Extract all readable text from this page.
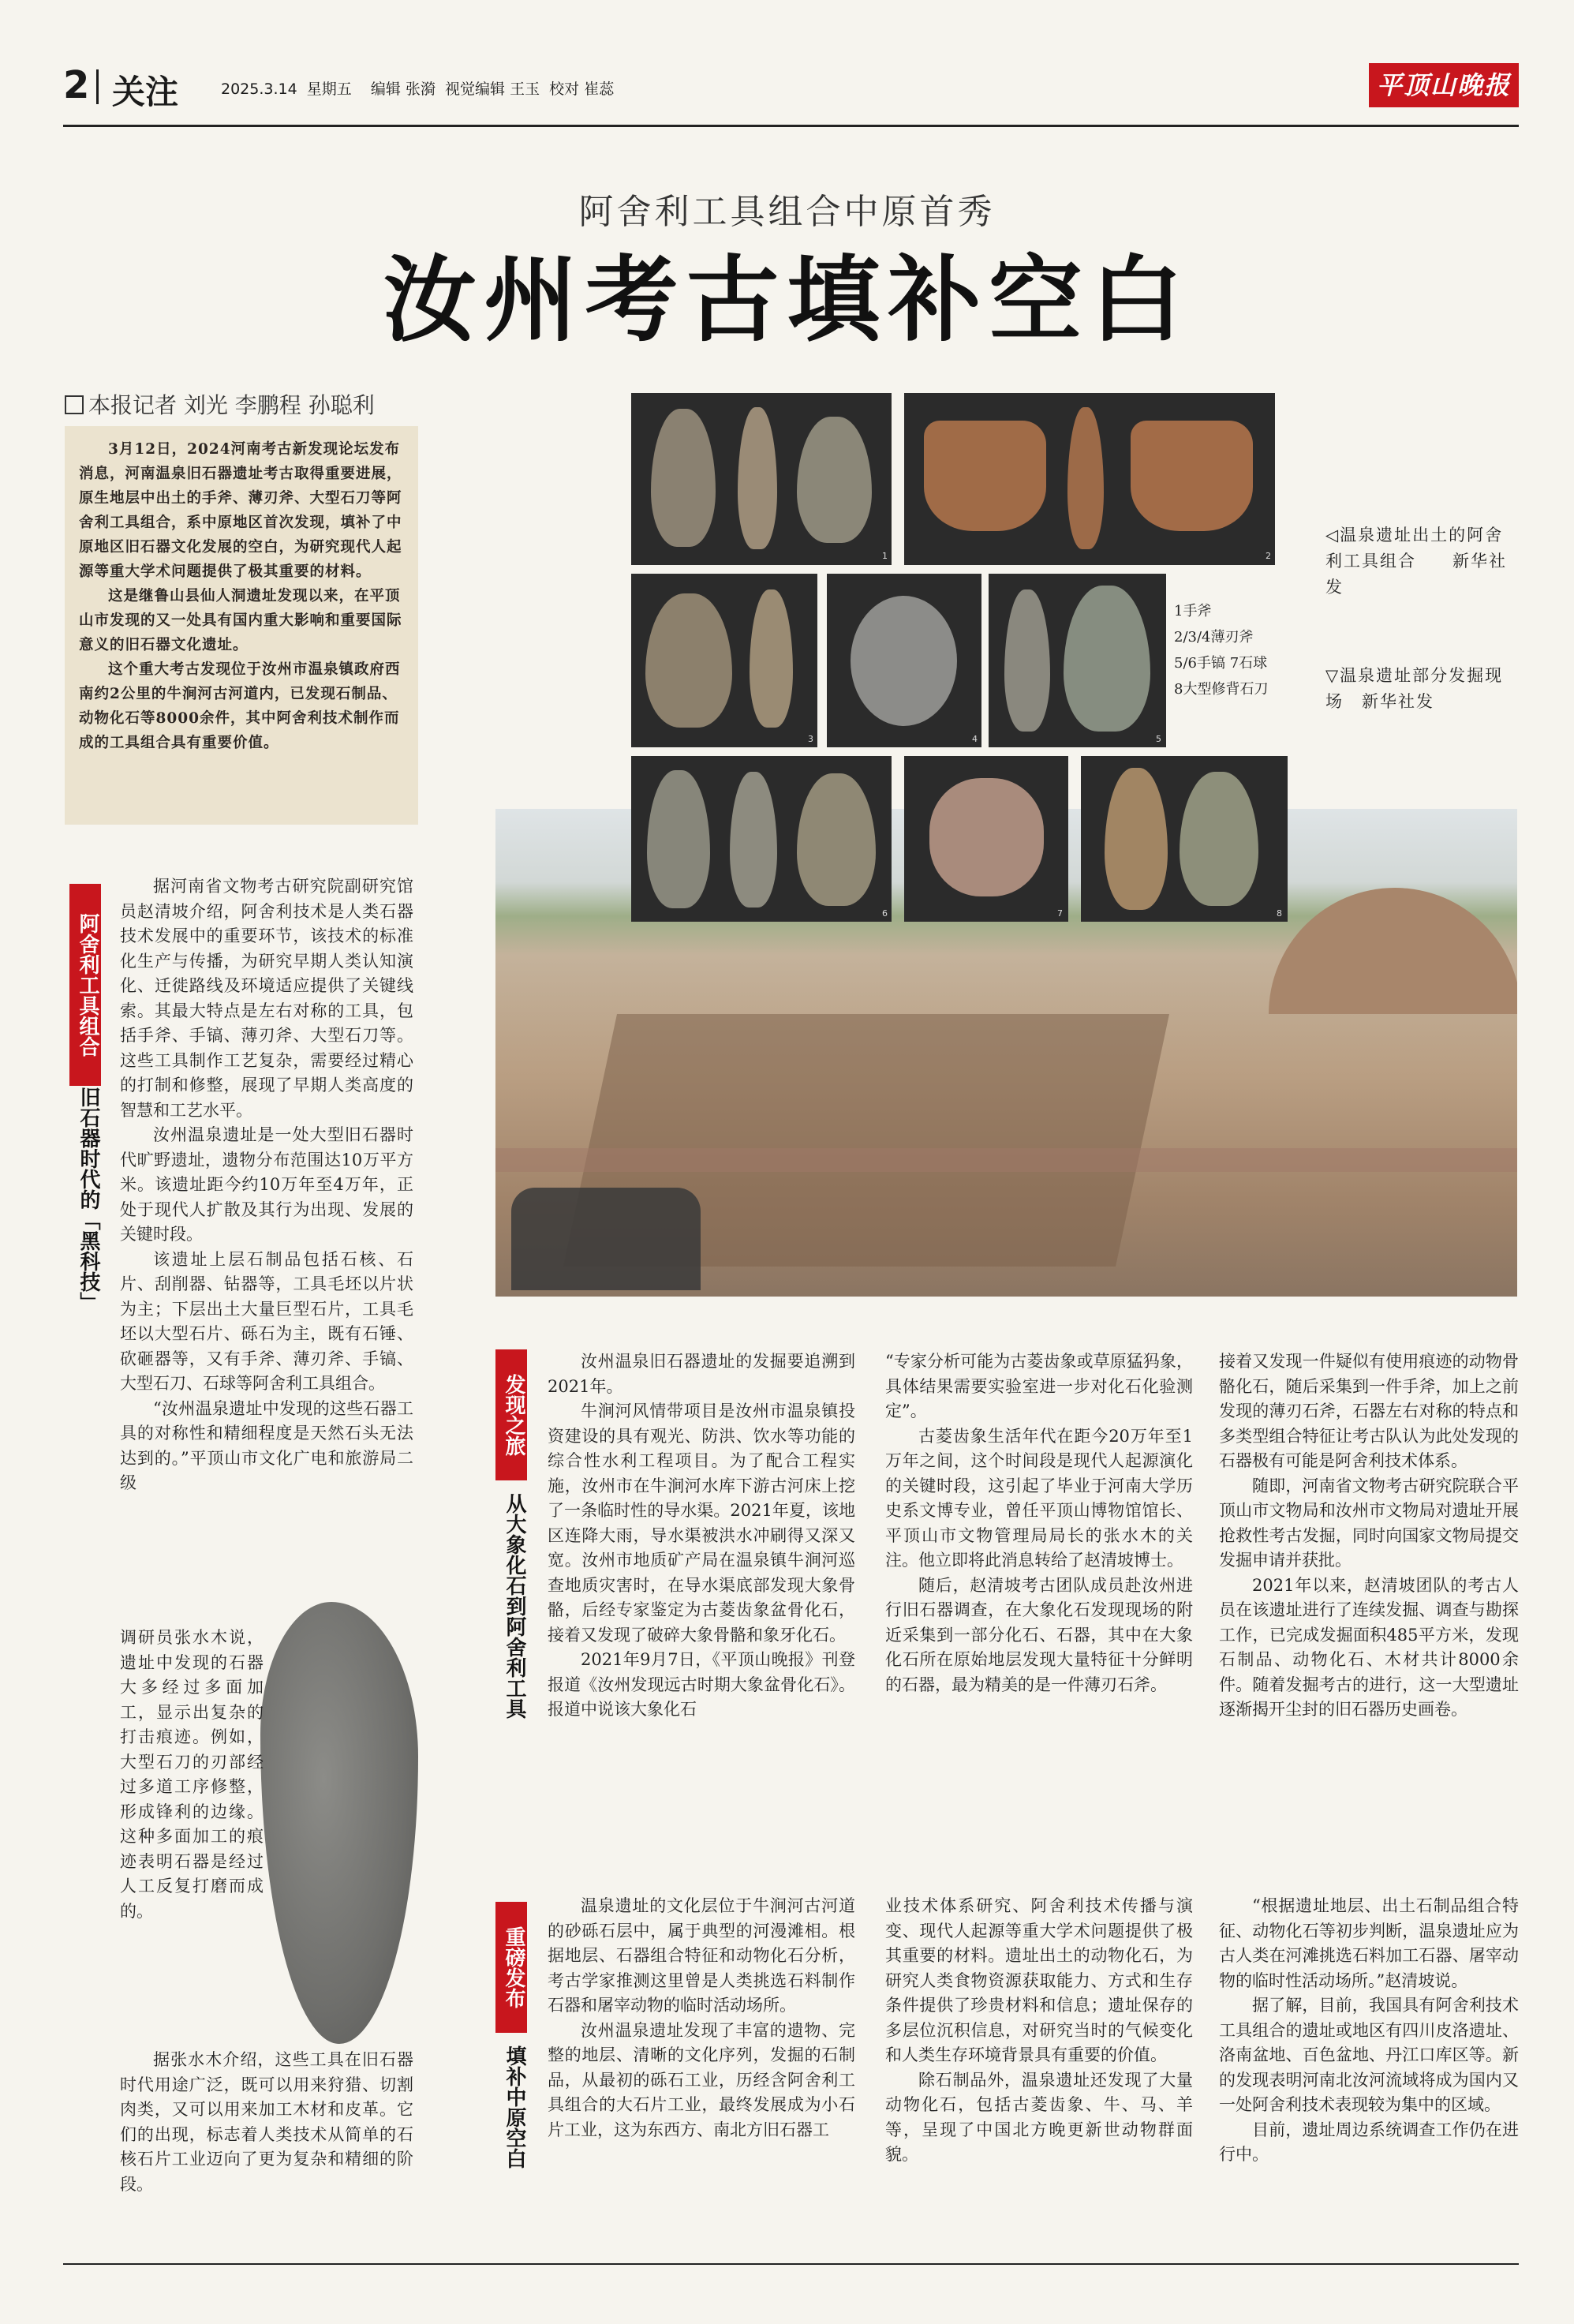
2 关注	2025.3.14  星期五    编辑 张漪  视觉编辑 王玉  校对 崔蕊	平顶山晚报
阿舍利工具组合中原首秀
汝州考古填补空白
本报记者 刘光 李鹏程 孙聪利

3月12日，2024河南考古新发现论坛发布消息，河南温泉旧石器遗址考古取得重要进展，原生地层中出土的手斧、薄刃斧、大型石刀等阿舍利工具组合，系中原地区首次发现，填补了中原地区旧石器文化发展的空白，为研究现代人起源等重大学术问题提供了极其重要的材料。

这是继鲁山县仙人洞遗址发现以来，在平顶山市发现的又一处具有国内重大影响和重要国际意义的旧石器文化遗址。

这个重大考古发现位于汝州市温泉镇政府西南约2公里的牛涧河古河道内，已发现石制品、动物化石等8000余件，其中阿舍利技术制作而成的工具组合具有重要价值。

1	2
3	4	5
6	7	8
1手斧
2/3/4薄刃斧
5/6手镐 7石球
8大型修背石刀
◁温泉遗址出土的阿舍利工具组合　　新华社发
▽温泉遗址部分发掘现场　新华社发
阿舍利工具组合
旧石器时代的「黑科技」

据河南省文物考古研究院副研究馆员赵清坡介绍，阿舍利技术是人类石器技术发展中的重要环节，该技术的标准化生产与传播，为研究早期人类认知演化、迁徙路线及环境适应提供了关键线索。其最大特点是左右对称的工具，包括手斧、手镐、薄刃斧、大型石刀等。这些工具制作工艺复杂，需要经过精心的打制和修整，展现了早期人类高度的智慧和工艺水平。

汝州温泉遗址是一处大型旧石器时代旷野遗址，遗物分布范围达10万平方米。该遗址距今约10万年至4万年，正处于现代人扩散及其行为出现、发展的关键时段。

该遗址上层石制品包括石核、石片、刮削器、钻器等，工具毛坯以片状为主；下层出土大量巨型石片，工具毛坯以大型石片、砾石为主，既有石锤、砍砸器等，又有手斧、薄刃斧、手镐、大型石刀、石球等阿舍利工具组合。

“汝州温泉遗址中发现的这些石器工具的对称性和精细程度是天然石头无法达到的。”平顶山市文化广电和旅游局二级

调研员张水木说，遗址中发现的石器大多经过多面加工，显示出复杂的打击痕迹。例如，大型石刀的刃部经过多道工序修整，形成锋利的边缘。这种多面加工的痕迹表明石器是经过人工反复打磨而成的。

据张水木介绍，这些工具在旧石器时代用途广泛，既可以用来狩猎、切割肉类，又可以用来加工木材和皮革。它们的出现，标志着人类技术从简单的石核石片工业迈向了更为复杂和精细的阶段。

发现之旅
从大象化石到阿舍利工具

汝州温泉旧石器遗址的发掘要追溯到2021年。

牛涧河风情带项目是汝州市温泉镇投资建设的具有观光、防洪、饮水等功能的综合性水利工程项目。为了配合工程实施，汝州市在牛涧河水库下游古河床上挖了一条临时性的导水渠。2021年夏，该地区连降大雨，导水渠被洪水冲刷得又深又宽。汝州市地质矿产局在温泉镇牛涧河巡查地质灾害时，在导水渠底部发现大象骨骼，后经专家鉴定为古菱齿象盆骨化石，接着又发现了破碎大象骨骼和象牙化石。

2021年9月7日，《平顶山晚报》刊登报道《汝州发现远古时期大象盆骨化石》。报道中说该大象化石

“专家分析可能为古菱齿象或草原猛犸象，具体结果需要实验室进一步对化石化验测定”。

古菱齿象生活年代在距今20万年至1万年之间，这个时间段是现代人起源演化的关键时段，这引起了毕业于河南大学历史系文博专业，曾任平顶山博物馆馆长、平顶山市文物管理局局长的张水木的关注。他立即将此消息转给了赵清坡博士。

随后，赵清坡考古团队成员赴汝州进行旧石器调查，在大象化石发现现场的附近采集到一部分化石、石器，其中在大象化石所在原始地层发现大量特征十分鲜明的石器，最为精美的是一件薄刃石斧。

接着又发现一件疑似有使用痕迹的动物骨骼化石，随后采集到一件手斧，加上之前发现的薄刃石斧，石器左右对称的特点和多类型组合特征让考古队认为此处发现的石器极有可能是阿舍利技术体系。

随即，河南省文物考古研究院联合平顶山市文物局和汝州市文物局对遗址开展抢救性考古发掘，同时向国家文物局提交发掘申请并获批。

2021年以来，赵清坡团队的考古人员在该遗址进行了连续发掘、调查与勘探工作，已完成发掘面积485平方米，发现石制品、动物化石、木材共计8000余件。随着发掘考古的进行，这一大型遗址逐渐揭开尘封的旧石器历史画卷。

重磅发布
填补中原空白

温泉遗址的文化层位于牛涧河古河道的砂砾石层中，属于典型的河漫滩相。根据地层、石器组合特征和动物化石分析，考古学家推测这里曾是人类挑选石料制作石器和屠宰动物的临时活动场所。

汝州温泉遗址发现了丰富的遗物、完整的地层、清晰的文化序列，发掘的石制品，从最初的砾石工业，历经含阿舍利工具组合的大石片工业，最终发展成为小石片工业，这为东西方、南北方旧石器工

业技术体系研究、阿舍利技术传播与演变、现代人起源等重大学术问题提供了极其重要的材料。遗址出土的动物化石，为研究人类食物资源获取能力、方式和生存条件提供了珍贵材料和信息；遗址保存的多层位沉积信息，对研究当时的气候变化和人类生存环境背景具有重要的价值。

除石制品外，温泉遗址还发现了大量动物化石，包括古菱齿象、牛、马、羊等，呈现了中国北方晚更新世动物群面貌。

“根据遗址地层、出土石制品组合特征、动物化石等初步判断，温泉遗址应为古人类在河滩挑选石料加工石器、屠宰动物的临时性活动场所。”赵清坡说。

据了解，目前，我国具有阿舍利技术工具组合的遗址或地区有四川皮洛遗址、洛南盆地、百色盆地、丹江口库区等。新的发现表明河南北汝河流域将成为国内又一处阿舍利技术表现较为集中的区域。

目前，遗址周边系统调查工作仍在进行中。
